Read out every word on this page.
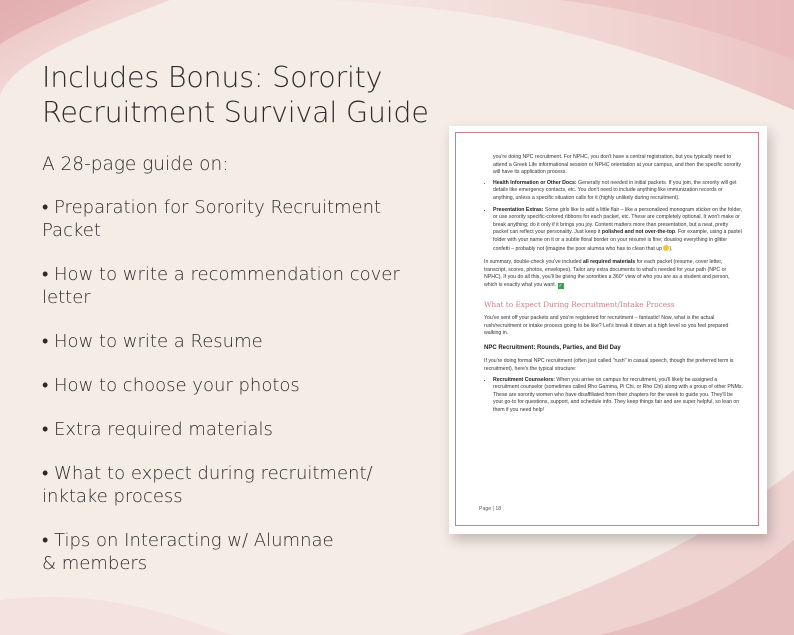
Includes Bonus: Sorority
Recruitment Survival Guide
A 28-page guide on:
• Preparation for Sorority Recruitment Packet
• How to write a recommendation cover letter
• How to write a Resume
• How to choose your photos
• Extra required materials
• What to expect during recruitment/
inktake process
• Tips on Interacting w/ Alumnae
& members

you're doing NPC recruitment. For NPHC, you don't have a central registration, but you typically need to attend a Greek Life informational session or NPHC orientation at your campus, and then the specific sorority will have its application process.

• Health Information or Other Docs: Generally not needed in initial packets. If you join, the sorority will get details like emergency contacts, etc. You don't need to include anything like immunization records or anything, unless a specific situation calls for it (highly unlikely during recruitment).
• Presentation Extras: Some girls like to add a little flair – like a personalized monogram sticker on the folder, or use sorority specific-colored ribbons for each packet, etc. These are completely optional. It won't make or break anything; do it only if it brings you joy. Content matters more than presentation, but a neat, pretty packet can reflect your personality. Just keep it polished and not over-the-top. For example, using a pastel folder with your name on it or a subtle floral border on your résumé is fine; dousing everything in glitter confetti – probably not (imagine the poor alumna who has to clean that up ).

In summary, double-check you've included all required materials for each packet (resume, cover letter, transcript, scores, photos, envelopes). Tailor any extra documents to what's needed for your path (NPC or NPHC). If you do all this, you'll be giving the sororities a 360° view of who you are as a student and person, which is exactly what you want. ✓

What to Expect During Recruitment/Intake Process

You've sent off your packets and you're registered for recruitment – fantastic! Now, what is the actual rush/recruitment or intake process going to be like? Let's break it down at a high level so you feel prepared walking in.

NPC Recruitment: Rounds, Parties, and Bid Day

If you're doing formal NPC recruitment (often just called "rush" in casual speech, though the preferred term is recruitment), here's the typical structure:

• Recruitment Counselors: When you arrive on campus for recruitment, you'll likely be assigned a recruitment counselor (sometimes called Rho Gamma, Pi Chi, or Rho Chi) along with a group of other PNMs. These are sorority women who have disaffiliated from their chapters for the week to guide you. They'll be your go-to for questions, support, and schedule info. They keep things fair and are super helpful, so lean on them if you need help!
Page | 18
